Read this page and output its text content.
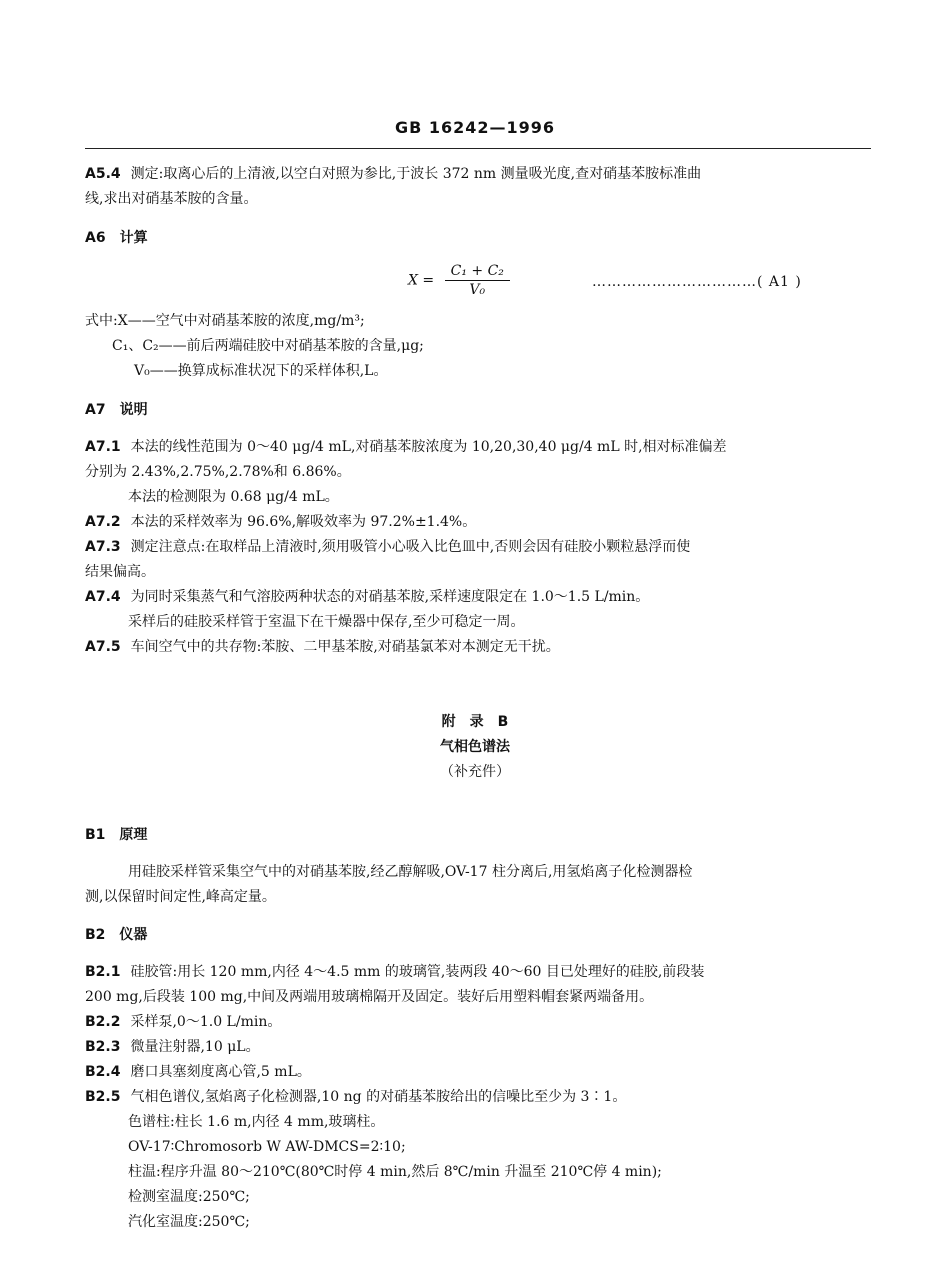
GB 16242—1996
A5.4 测定:取离心后的上清液,以空白对照为参比,于波长 372 nm 测量吸光度,查对硝基苯胺标准曲
线,求出对硝基苯胺的含量。
A6　 计算
$X = \frac{\text{C₁ + C₂}}{\text{V₀}}$	……………………………( A1 )
式中:X——空气中对硝基苯胺的浓度,mg/m³;
C₁、C₂——前后两端硅胶中对硝基苯胺的含量,μg;
V₀——换算成标准状况下的采样体积,L。
A7　 说明
A7.1 本法的线性范围为 0～40 μg/4 mL,对硝基苯胺浓度为 10,20,30,40 μg/4 mL 时,相对标准偏差
分别为 2.43%,2.75%,2.78%和 6.86%。
本法的检测限为 0.68 μg/4 mL。
A7.2 本法的采样效率为 96.6%,解吸效率为 97.2%±1.4%。
A7.3 测定注意点:在取样品上清液时,须用吸管小心吸入比色皿中,否则会因有硅胶小颗粒悬浮而使
结果偏高。
A7.4 为同时采集蒸气和气溶胶两种状态的对硝基苯胺,采样速度限定在 1.0～1.5 L/min。
采样后的硅胶采样管于室温下在干燥器中保存,至少可稳定一周。
A7.5 车间空气中的共存物:苯胺、二甲基苯胺,对硝基氯苯对本测定无干扰。
附　录　B
气相色谱法
（补充件）
B1　 原理
用硅胶采样管采集空气中的对硝基苯胺,经乙醇解吸,OV-17 柱分离后,用氢焰离子化检测器检
测,以保留时间定性,峰高定量。
B2　 仪器
B2.1 硅胶管:用长 120 mm,内径 4～4.5 mm 的玻璃管,装两段 40～60 目已处理好的硅胶,前段装
200 mg,后段装 100 mg,中间及两端用玻璃棉隔开及固定。装好后用塑料帽套紧两端备用。
B2.2 采样泵,0～1.0 L/min。
B2.3 微量注射器,10 μL。
B2.4 磨口具塞刻度离心管,5 mL。
B2.5 气相色谱仪,氢焰离子化检测器,10 ng 的对硝基苯胺给出的信噪比至少为 3∶1。
色谱柱:柱长 1.6 m,内径 4 mm,玻璃柱。
OV-17∶Chromosorb W AW-DMCS=2∶10;
柱温:程序升温 80～210℃(80℃时停 4 min,然后 8℃/min 升温至 210℃停 4 min);
检测室温度:250℃;
汽化室温度:250℃;
